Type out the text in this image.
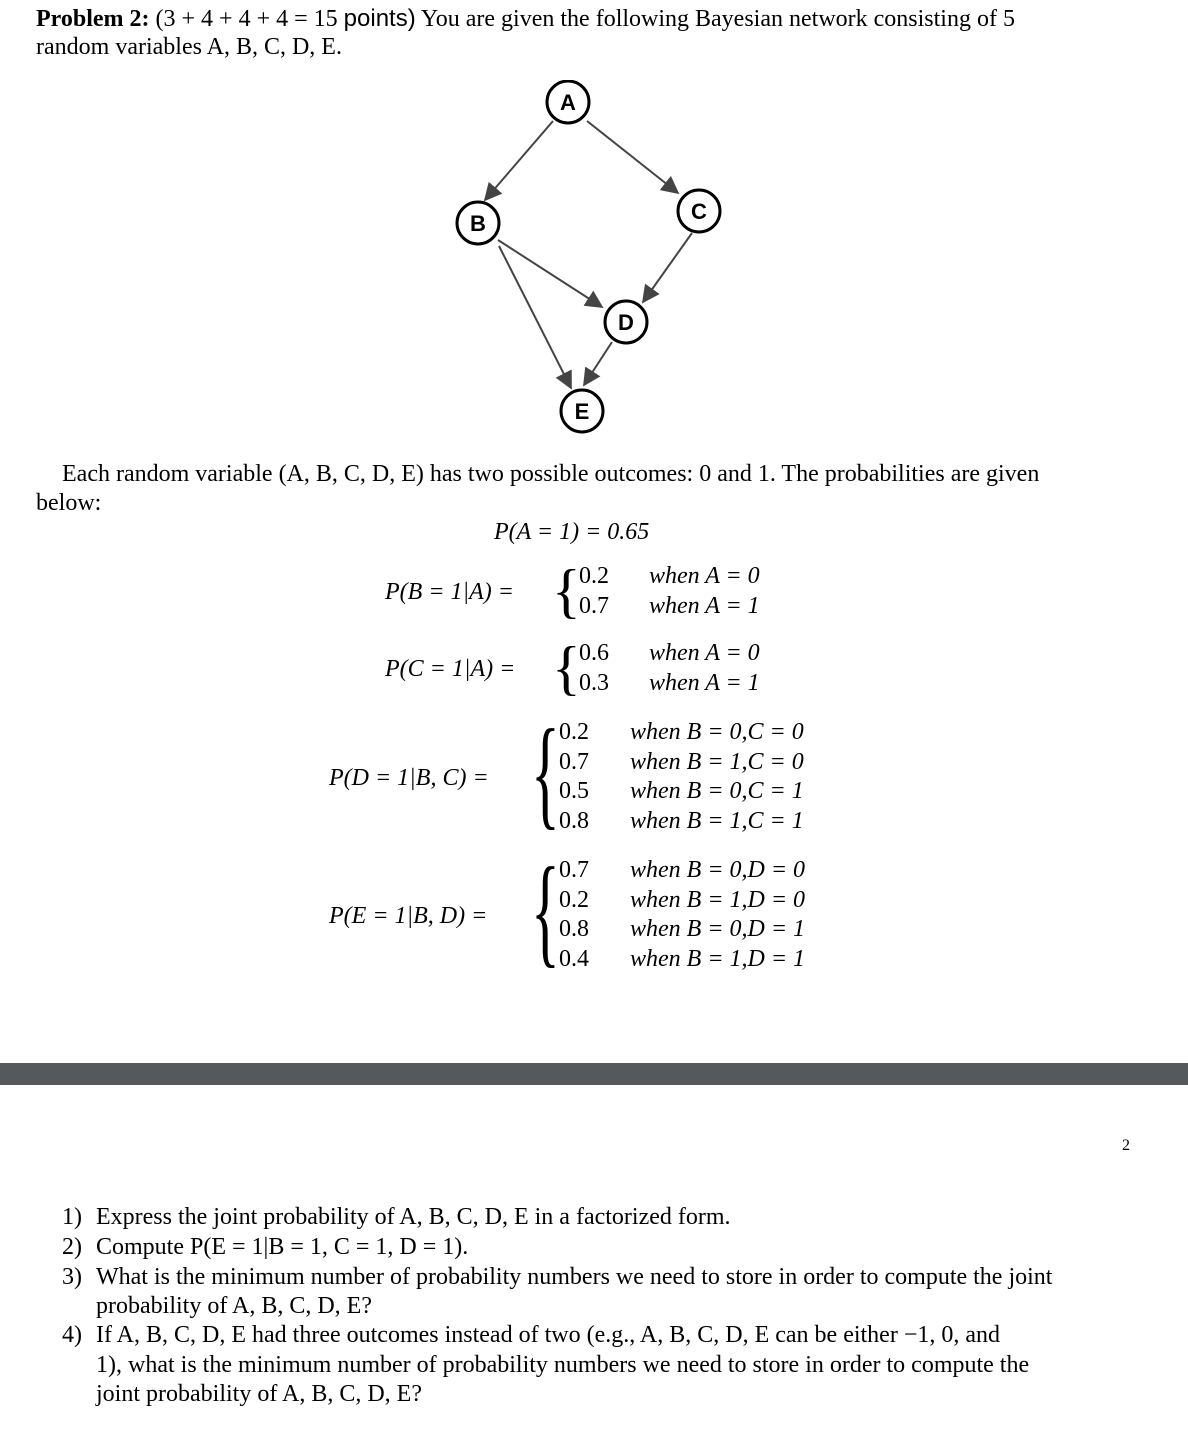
Problem 2: (3 + 4 + 4 + 4 = 15 points) You are given the following Bayesian network consisting of 5
random variables A, B, C, D, E.
A
B	C
D
E
Each random variable (A, B, C, D, E) has two possible outcomes: 0 and 1. The probabilities are given
below:
P(A = 1) = 0.65
P(B = 1|A) = {
0.2 when A = 0
0.7 when A = 1
P(C = 1|A) = {
0.6 when A = 0
0.3 when A = 1
P(D = 1|B, C) = { 0.2 when B = 0,C = 0
0.7 when B = 1,C = 0
0.5 when B = 0,C = 1
0.8 when B = 1,C = 1
P(E = 1|B, D) = { 0.7 when B = 0,D = 0
0.2 when B = 1,D = 0
0.8 when B = 0,D = 1
0.4 when B = 1,D = 1
2
1) Express the joint probability of A, B, C, D, E in a factorized form.
2) Compute P(E = 1|B = 1, C = 1, D = 1).
3) What is the minimum number of probability numbers we need to store in order to compute the joint
probability of A, B, C, D, E?
4) If A, B, C, D, E had three outcomes instead of two (e.g., A, B, C, D, E can be either −1, 0, and
1), what is the minimum number of probability numbers we need to store in order to compute the
joint probability of A, B, C, D, E?
